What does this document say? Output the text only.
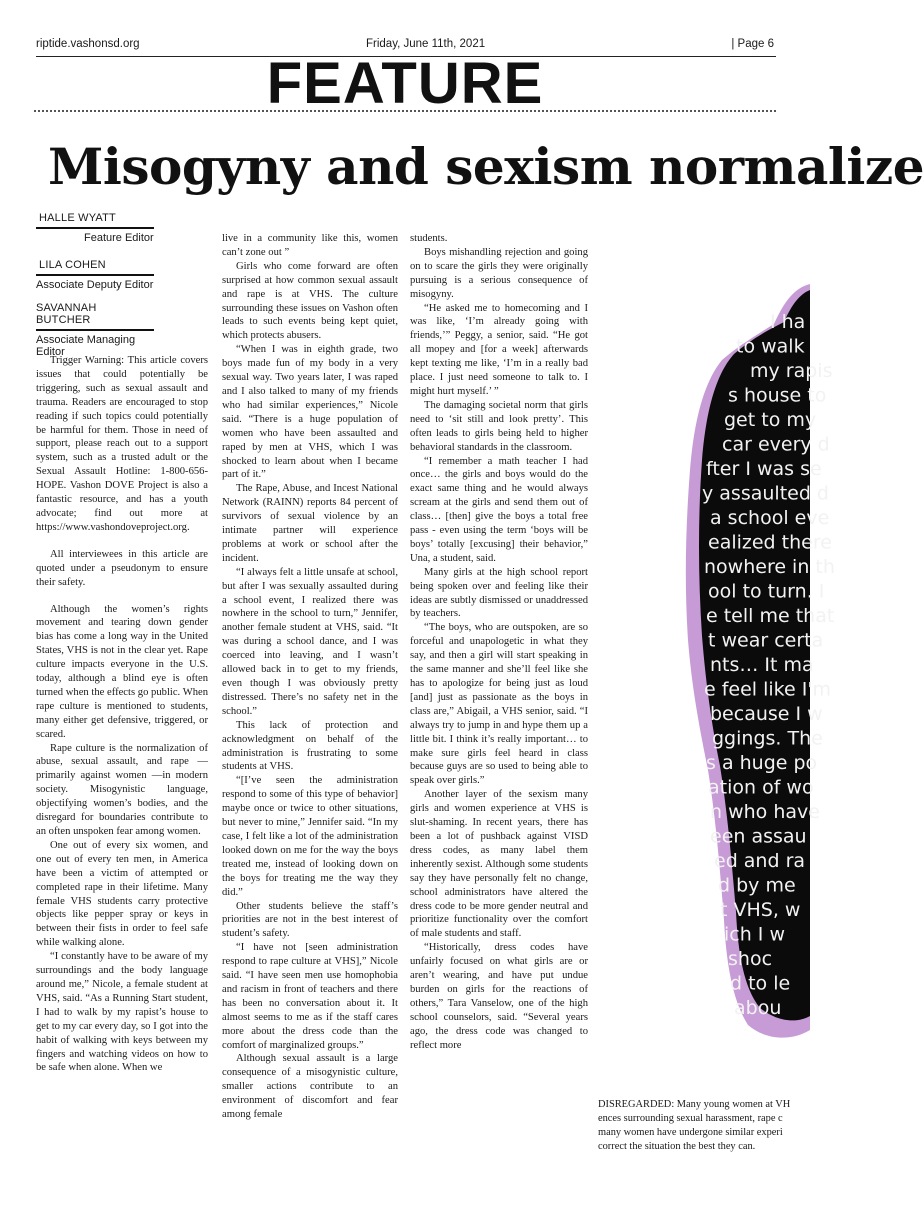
riptide.vashonsd.org	Friday, June 11th, 2021	| Page 6
FEATURE
Misogyny and sexism normalize
HALLE WYATT
Feature Editor
LILA COHEN
Associate Deputy Editor
SAVANNAH BUTCHER
Associate Managing Editor

Trigger Warning: This article covers issues that could potentially be triggering, such as sexual assault and trauma. Readers are encouraged to stop reading if such topics could potentially be harmful for them. Those in need of support, please reach out to a support system, such as a trusted adult or the Sexual Assault Hotline: 1-800-656-HOPE. Vashon DOVE Project is also a fantastic resource, and has a youth advocate; find out more at https://www.vashondoveproject.org.

All interviewees in this article are quoted under a pseudonym to ensure their safety.

Although the women’s rights movement and tearing down gender bias has come a long way in the United States, VHS is not in the clear yet. Rape culture impacts everyone in the U.S. today, although a blind eye is often turned when the effects go public. When rape culture is mentioned to students, many either get defensive, triggered, or scared.

Rape culture is the normalization of abuse, sexual assault, and rape — primarily against women —in modern society. Misogynistic language, objectifying women’s bodies, and the disregard for boundaries contribute to an often unspoken fear among women.

One out of every six women, and one out of every ten men, in America have been a victim of attempted or completed rape in their lifetime. Many female VHS students carry protective objects like pepper spray or keys in between their fists in order to feel safe while walking alone.

“I constantly have to be aware of my surroundings and the body language around me,” Nicole, a female student at VHS, said. “As a Running Start student, I had to walk by my rapist’s house to get to my car every day, so I got into the habit of walking with keys between my fingers and watching videos on how to be safe when alone. When we

live in a community like this, women can’t zone out ”

Girls who come forward are often surprised at how common sexual assault and rape is at VHS. The culture surrounding these issues on Vashon often leads to such events being kept quiet, which protects abusers.

“When I was in eighth grade, two boys made fun of my body in a very sexual way. Two years later, I was raped and I also talked to many of my friends who had similar experiences,” Nicole said. “There is a huge population of women who have been assaulted and raped by men at VHS, which I was shocked to learn about when I became part of it.”

The Rape, Abuse, and Incest National Network (RAINN) reports 84 percent of survivors of sexual violence by an intimate partner will experience problems at work or school after the incident.

“I always felt a little unsafe at school, but after I was sexually assaulted during a school event, I realized there was nowhere in the school to turn,” Jennifer, another female student at VHS, said. “It was during a school dance, and I was coerced into leaving, and I wasn’t allowed back in to get to my friends, even though I was obviously pretty distressed. There’s no safety net in the school.”

This lack of protection and acknowledgment on behalf of the administration is frustrating to some students at VHS.

“[I’ve seen the administration respond to some of this type of behavior] maybe once or twice to other situations, but never to mine,” Jennifer said. “In my case, I felt like a lot of the administration looked down on me for the way the boys treated me, instead of looking down on the boys for treating me the way they did.”

Other students believe the staff’s priorities are not in the best interest of student’s safety.

“I have not [seen administration respond to rape culture at VHS],” Nicole said. “I have seen men use homophobia and racism in front of teachers and there has been no conversation about it. It almost seems to me as if the staff cares more about the dress code than the comfort of marginalized groups.”

Although sexual assault is a large consequence of a misogynistic culture, smaller actions contribute to an environment of discomfort and fear among female

students.

Boys mishandling rejection and going on to scare the girls they were originally pursuing is a serious consequence of misogyny.

“He asked me to homecoming and I was like, ‘I’m already going with friends,’” Peggy, a senior, said. “He got all mopey and [for a week] afterwards kept texting me like, ‘I’m in a really bad place. I just need someone to talk to. I might hurt myself.’ ”

The damaging societal norm that girls need to ‘sit still and look pretty’. This often leads to girls being held to higher behavioral standards in the classroom.

“I remember a math teacher I had once… the girls and boys would do the exact same thing and he would always scream at the girls and send them out of class… [then] give the boys a total free pass - even using the term ‘boys will be boys’ totally [excusing] their behavior,” Una, a student, said.

Many girls at the high school report being spoken over and feeling like their ideas are subtly dismissed or unaddressed by teachers.

“The boys, who are outspoken, are so forceful and unapologetic in what they say, and then a girl will start speaking in the same manner and she’ll feel like she has to apologize for being just as loud [and] just as passionate as the boys in class are,” Abigail, a VHS senior, said. “I always try to jump in and hype them up a little bit. I think it’s really important… to make sure girls feel heard in class because guys are so used to being able to speak over girls.”

Another layer of the sexism many girls and women experience at VHS is slut-shaming. In recent years, there has been a lot of pushback against VISD dress codes, as many label them inherently sexist. Although some students say they have personally felt no change, school administrators have altered the dress code to be more gender neutral and prioritize functionality over the comfort of male students and staff.

“Historically, dress codes have unfairly focused on what girls are or aren’t wearing, and have put undue burden on girls for the reactions of others,” Tara Vanselow, one of the high school counselors, said. “Several years ago, the dress code was changed to reflect more

I ha
to walk
my rapis
s house to
get to my
car every d
fter I was se
y assaulted d
a school eve
ealized there
nowhere in th
ool to turn. I
e tell me that
t wear certa
nts… It ma
e feel like I'm
because I w
ggings. The
s a huge po
ation of wo
n who have
een assau
ed and ra
d by me
t VHS, w
ich I w
shoc
d to le
abou
DISREGARDED: Many young women at VH
ences surrounding sexual harassment, rape c
many women have undergone similar experi
correct the situation the best they can.
